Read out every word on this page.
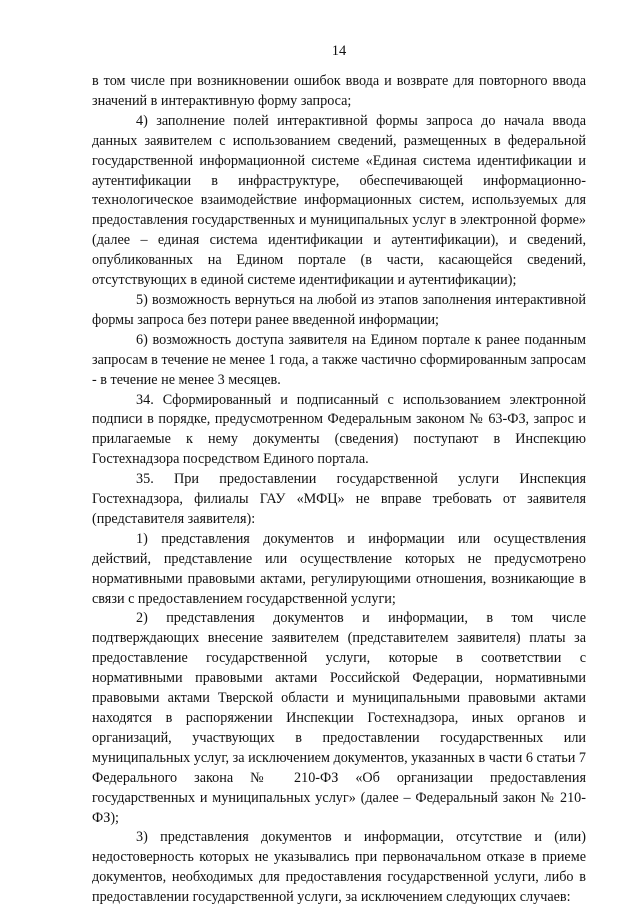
14

в том числе при возникновении ошибок ввода и возврате для повторного ввода значений в интерактивную форму запроса;

4) заполнение полей интерактивной формы запроса до начала ввода данных заявителем с использованием сведений, размещенных в федеральной государственной информационной системе «Единая система идентификации и аутентификации в инфраструктуре, обеспечивающей информационно-технологическое взаимодействие информационных систем, используемых для предоставления государственных и муниципальных услуг в электронной форме» (далее – единая система идентификации и аутентификации), и сведений, опубликованных на Едином портале (в части, касающейся сведений, отсутствующих в единой системе идентификации и аутентификации);

5) возможность вернуться на любой из этапов заполнения интерактивной формы запроса без потери ранее введенной информации;

6) возможность доступа заявителя на Едином портале к ранее поданным запросам в течение не менее 1 года, а также частично сформированным запросам - в течение не менее 3 месяцев.

34. Сформированный и подписанный с использованием электронной подписи в порядке, предусмотренном Федеральным законом № 63-ФЗ, запрос и прилагаемые к нему документы (сведения) поступают в Инспекцию Гостехнадзора посредством Единого портала.

35. При предоставлении государственной услуги Инспекция Гостехнадзора, филиалы ГАУ «МФЦ» не вправе требовать от заявителя (представителя заявителя):

1) представления документов и информации или осуществления действий, представление или осуществление которых не предусмотрено нормативными правовыми актами, регулирующими отношения, возникающие в связи с предоставлением государственной услуги;

2) представления документов и информации, в том числе подтверждающих внесение заявителем (представителем заявителя) платы за предоставление государственной услуги, которые в соответствии с нормативными правовыми актами Российской Федерации, нормативными правовыми актами Тверской области и муниципальными правовыми актами находятся в распоряжении Инспекции Гостехнадзора, иных органов и организаций, участвующих в предоставлении государственных или муниципальных услуг, за исключением документов, указанных в части 6 статьи 7 Федерального закона № 210-ФЗ «Об организации предоставления государственных и муниципальных услуг» (далее – Федеральный закон № 210-ФЗ);

3) представления документов и информации, отсутствие и (или) недостоверность которых не указывались при первоначальном отказе в приеме документов, необходимых для предоставления государственной услуги, либо в предоставлении государственной услуги, за исключением следующих случаев:
